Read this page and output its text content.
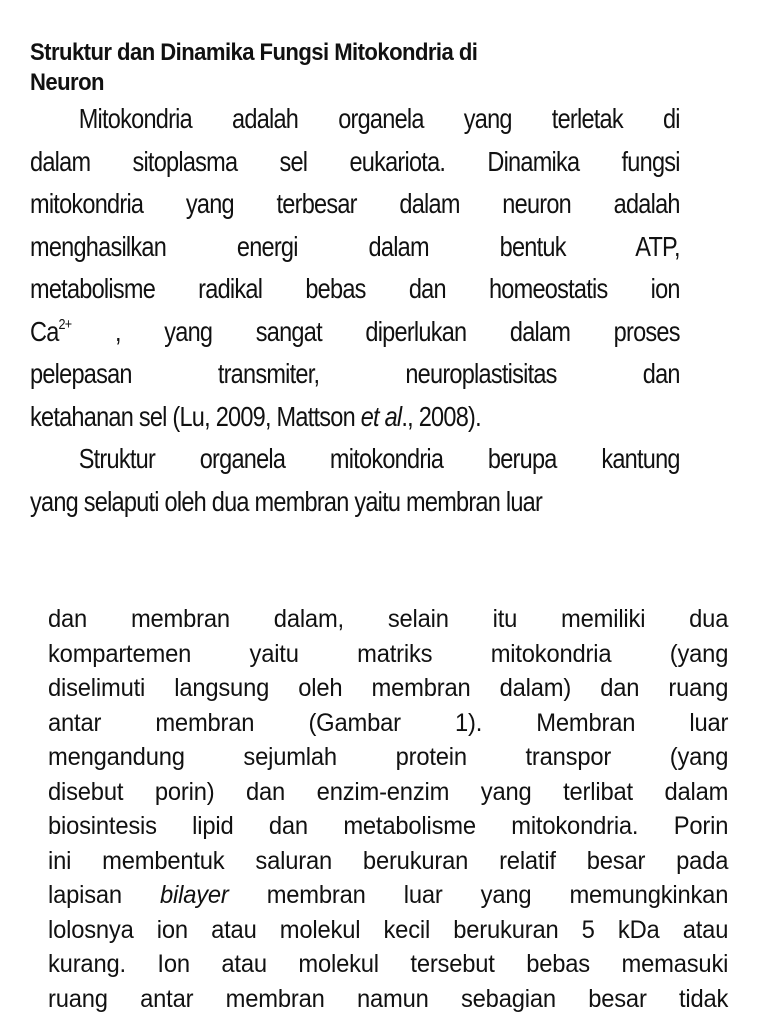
Struktur dan Dinamika Fungsi Mitokondria di
Neuron

Mitokondria adalah organela yang terletak di
dalam sitoplasma sel eukariota. Dinamika fungsi
mitokondria yang terbesar dalam neuron adalah
menghasilkan energi dalam bentuk ATP,
metabolisme radikal bebas dan homeostatis ion
$Ca^{2+}$ , yang sangat diperlukan dalam proses
pelepasan transmiter, neuroplastisitas dan
ketahanan sel (Lu, 2009, Mattson et al., 2008).

Struktur organela mitokondria berupa kantung
yang selaputi oleh dua membran yaitu membran luar

dan membran dalam, selain itu memiliki dua
kompartemen yaitu matriks mitokondria (yang
diselimuti langsung oleh membran dalam) dan ruang
antar membran (Gambar 1). Membran luar
mengandung sejumlah protein transpor (yang
disebut porin) dan enzim-enzim yang terlibat dalam
biosintesis lipid dan metabolisme mitokondria. Porin
ini membentuk saluran berukuran relatif besar pada
lapisan bilayer membran luar yang memungkinkan
lolosnya ion atau molekul kecil berukuran 5 kDa atau
kurang. Ion atau molekul tersebut bebas memasuki
ruang antar membran namun sebagian besar tidak
